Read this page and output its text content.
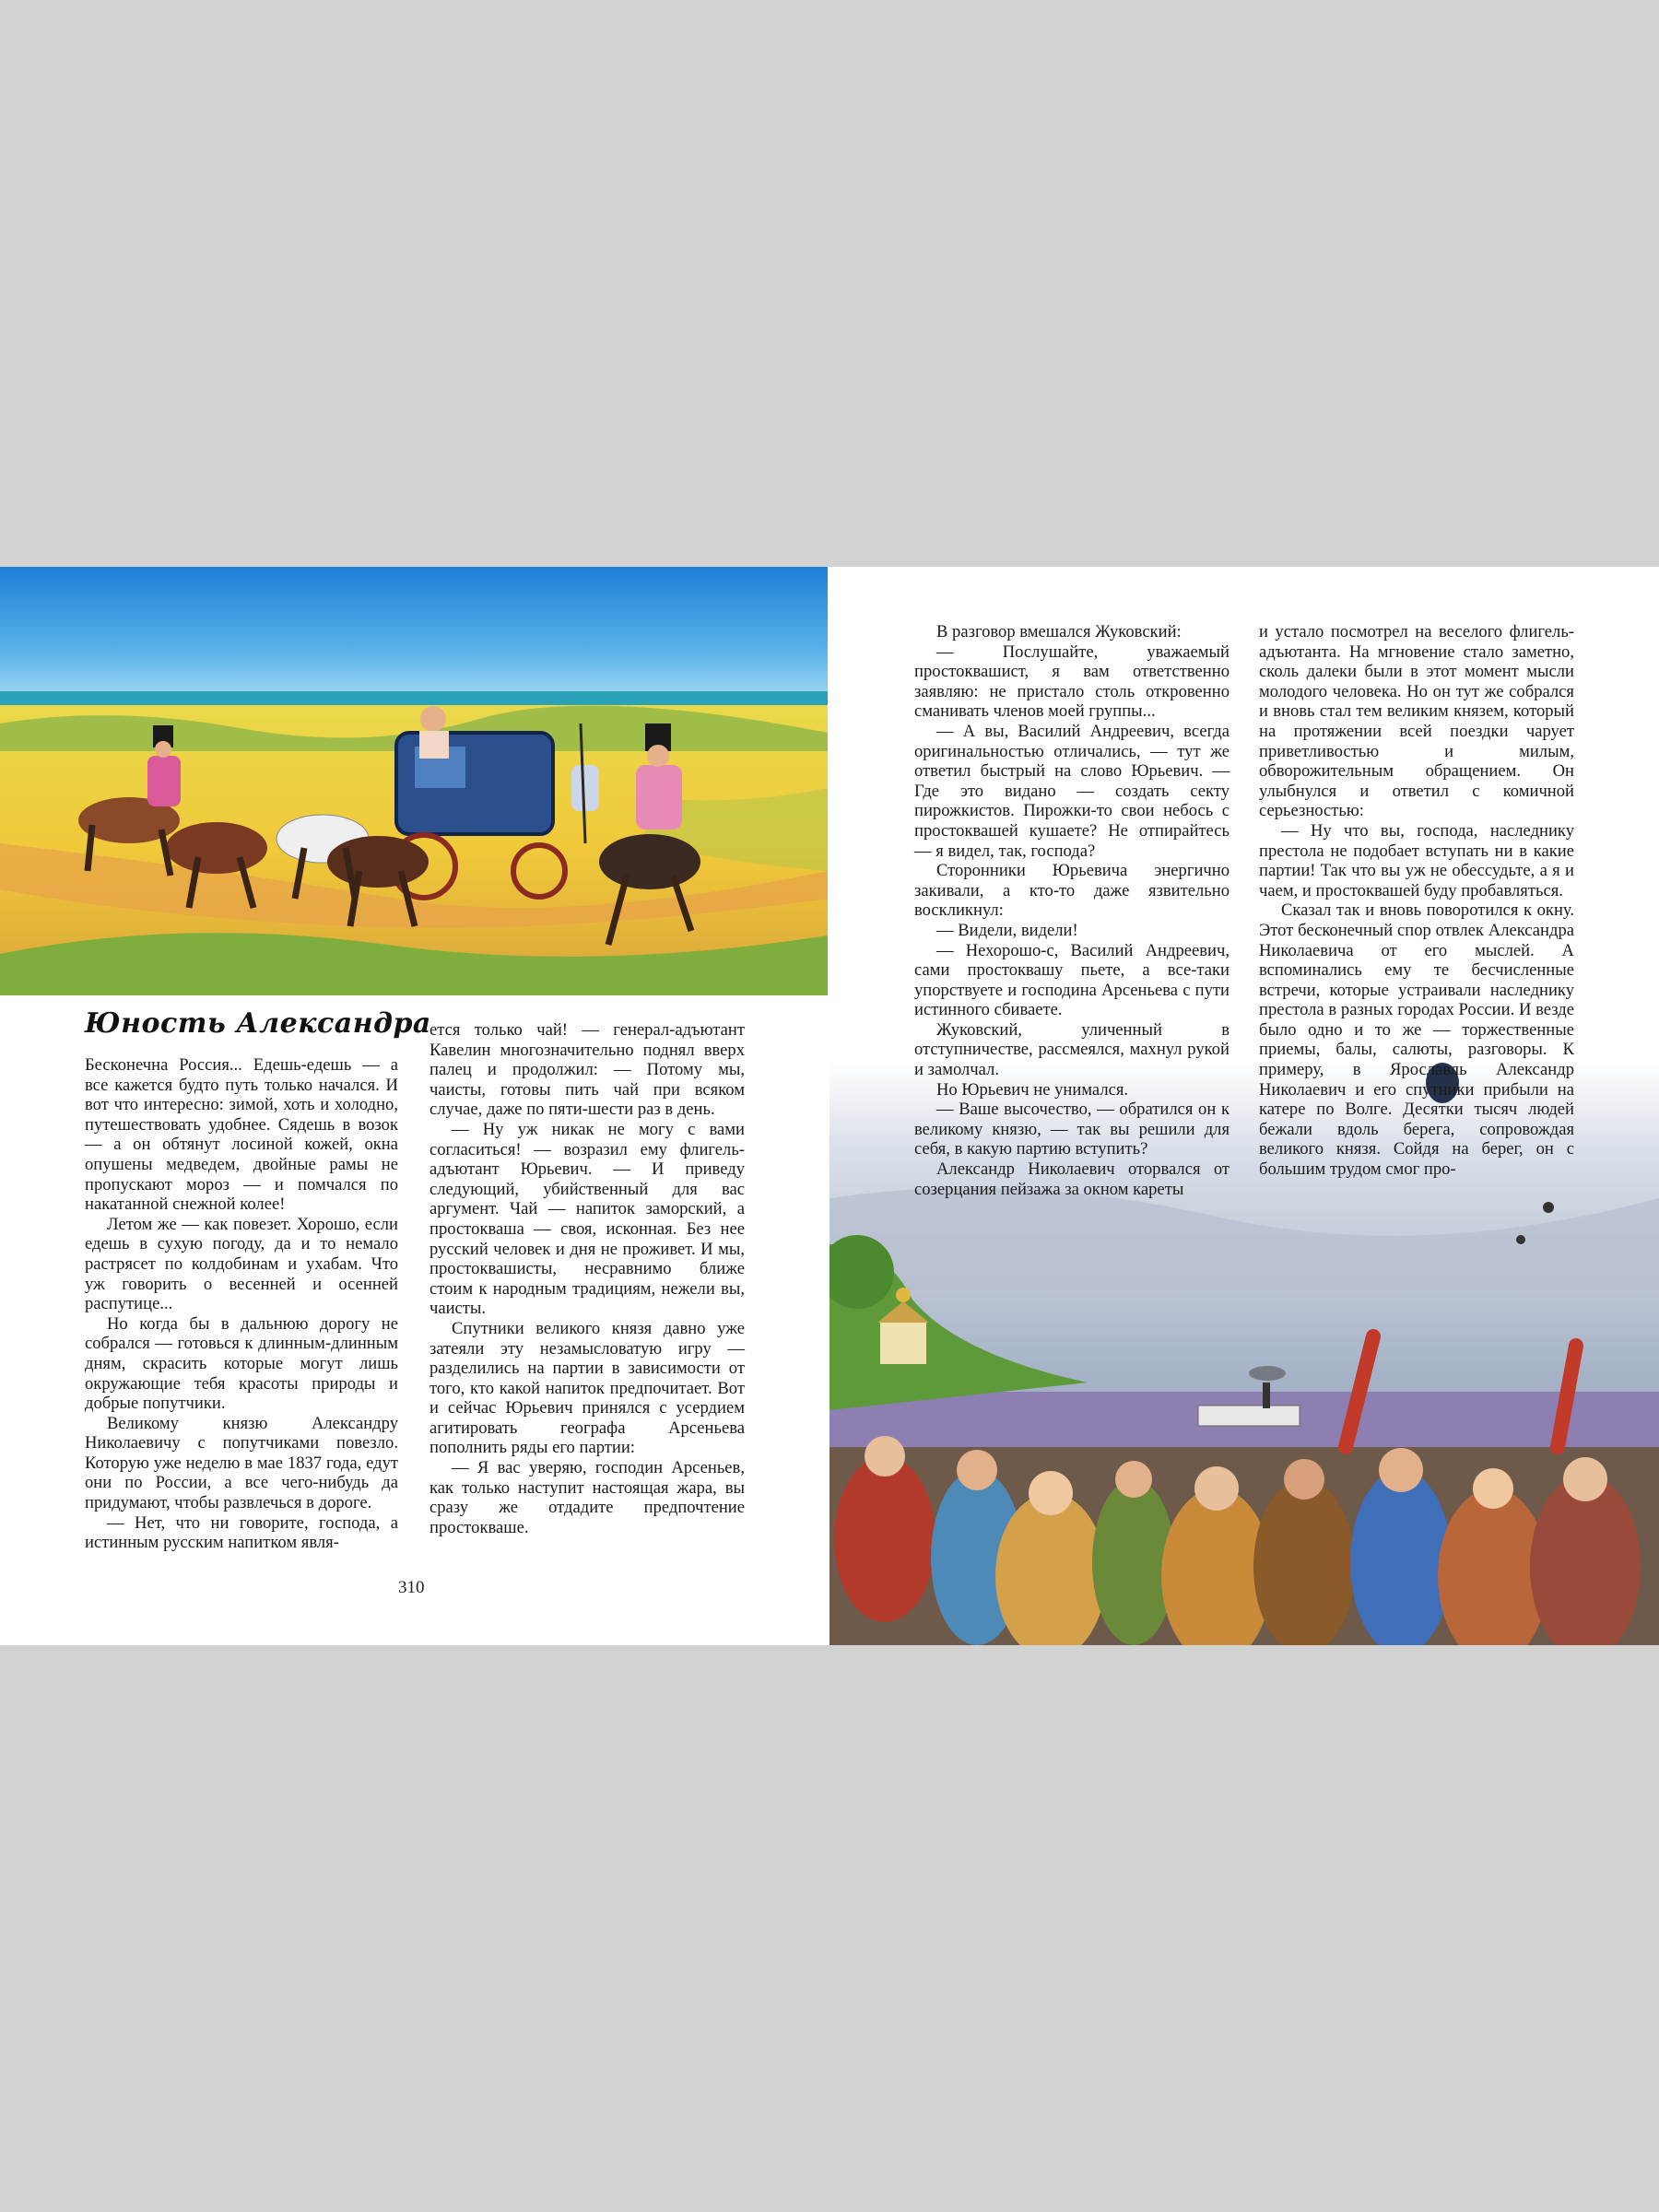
Юность Александра

Бесконечна Россия... Едешь-едешь — а все кажется будто путь только начался. И вот что интересно: зимой, хоть и холодно, путешествовать удобнее. Сядешь в возок — а он обтянут лосиной кожей, окна опушены медведем, двойные рамы не пропускают мороз — и помчался по накатанной снежной колее!

Летом же — как повезет. Хорошо, если едешь в сухую погоду, да и то немало растрясет по колдобинам и ухабам. Что уж говорить о весенней и осенней распутице...

Но когда бы в дальнюю дорогу не собрался — готовься к длинным-длинным дням, скрасить которые могут лишь окружающие тебя красоты природы и добрые попутчики.

Великому князю Александру Николаевичу с попутчиками повезло. Которую уже неделю в мае 1837 года, едут они по России, а все чего-нибудь да придумают, чтобы развлечься в дороге.

— Нет, что ни говорите, господа, а истинным русским напитком явля-

ется только чай! — генерал-адъютант Кавелин многозначительно поднял вверх палец и продолжил: — Потому мы, чаисты, готовы пить чай при всяком случае, даже по пяти-шести раз в день.

— Ну уж никак не могу с вами согласиться! — возразил ему флигель-адъютант Юрьевич. — И приведу следующий, убийственный для вас аргумент. Чай — напиток заморский, а простокваша — своя, исконная. Без нее русский человек и дня не проживет. И мы, простоквашисты, несравнимо ближе стоим к народным традициям, нежели вы, чаисты.

Спутники великого князя давно уже затеяли эту незамысловатую игру — разделились на партии в зависимости от того, кто какой напиток предпочитает. Вот и сейчас Юрьевич принялся с усердием агитировать географа Арсеньева пополнить ряды его партии:

— Я вас уверяю, господин Арсеньев, как только наступит настоящая жара, вы сразу же отдадите предпочтение простокваше.

310

В разговор вмешался Жуковский:

— Послушайте, уважаемый простоквашист, я вам ответственно заявляю: не пристало столь откровенно сманивать членов моей группы...

— А вы, Василий Андреевич, всегда оригинальностью отличались, — тут же ответил быстрый на слово Юрьевич. — Где это видано — создать секту пирожкистов. Пирожки-то свои небось с простоквашей кушаете? Не отпирайтесь — я видел, так, господа?

Сторонники Юрьевича энергично закивали, а кто-то даже язвительно воскликнул:

— Видели, видели!

— Нехорошо-с, Василий Андреевич, сами простоквашу пьете, а все-таки упорствуете и господина Арсеньева с пути истинного сбиваете.

Жуковский, уличенный в отступничестве, рассмеялся, махнул рукой и замолчал.

Но Юрьевич не унимался.

— Ваше высочество, — обратился он к великому князю, — так вы решили для себя, в какую партию вступить?

Александр Николаевич оторвался от созерцания пейзажа за окном кареты

и устало посмотрел на веселого флигель-адъютанта. На мгновение стало заметно, сколь далеки были в этот момент мысли молодого человека. Но он тут же собрался и вновь стал тем великим князем, который на протяжении всей поездки чарует приветливостью и милым, обворожительным обращением. Он улыбнулся и ответил с комичной серьезностью:

— Ну что вы, господа, наследнику престола не подобает вступать ни в какие партии! Так что вы уж не обессудьте, а я и чаем, и простоквашей буду пробавляться.

Сказал так и вновь поворотился к окну. Этот бесконечный спор отвлек Александра Николаевича от его мыслей. А вспоминались ему те бесчисленные встречи, которые устраивали наследнику престола в разных городах России. И везде было одно и то же — торжественные приемы, балы, салюты, разговоры. К примеру, в Ярославль Александр Николаевич и его спутники прибыли на катере по Волге. Десятки тысяч людей бежали вдоль берега, сопровождая великого князя. Сойдя на берег, он с большим трудом смог про-
